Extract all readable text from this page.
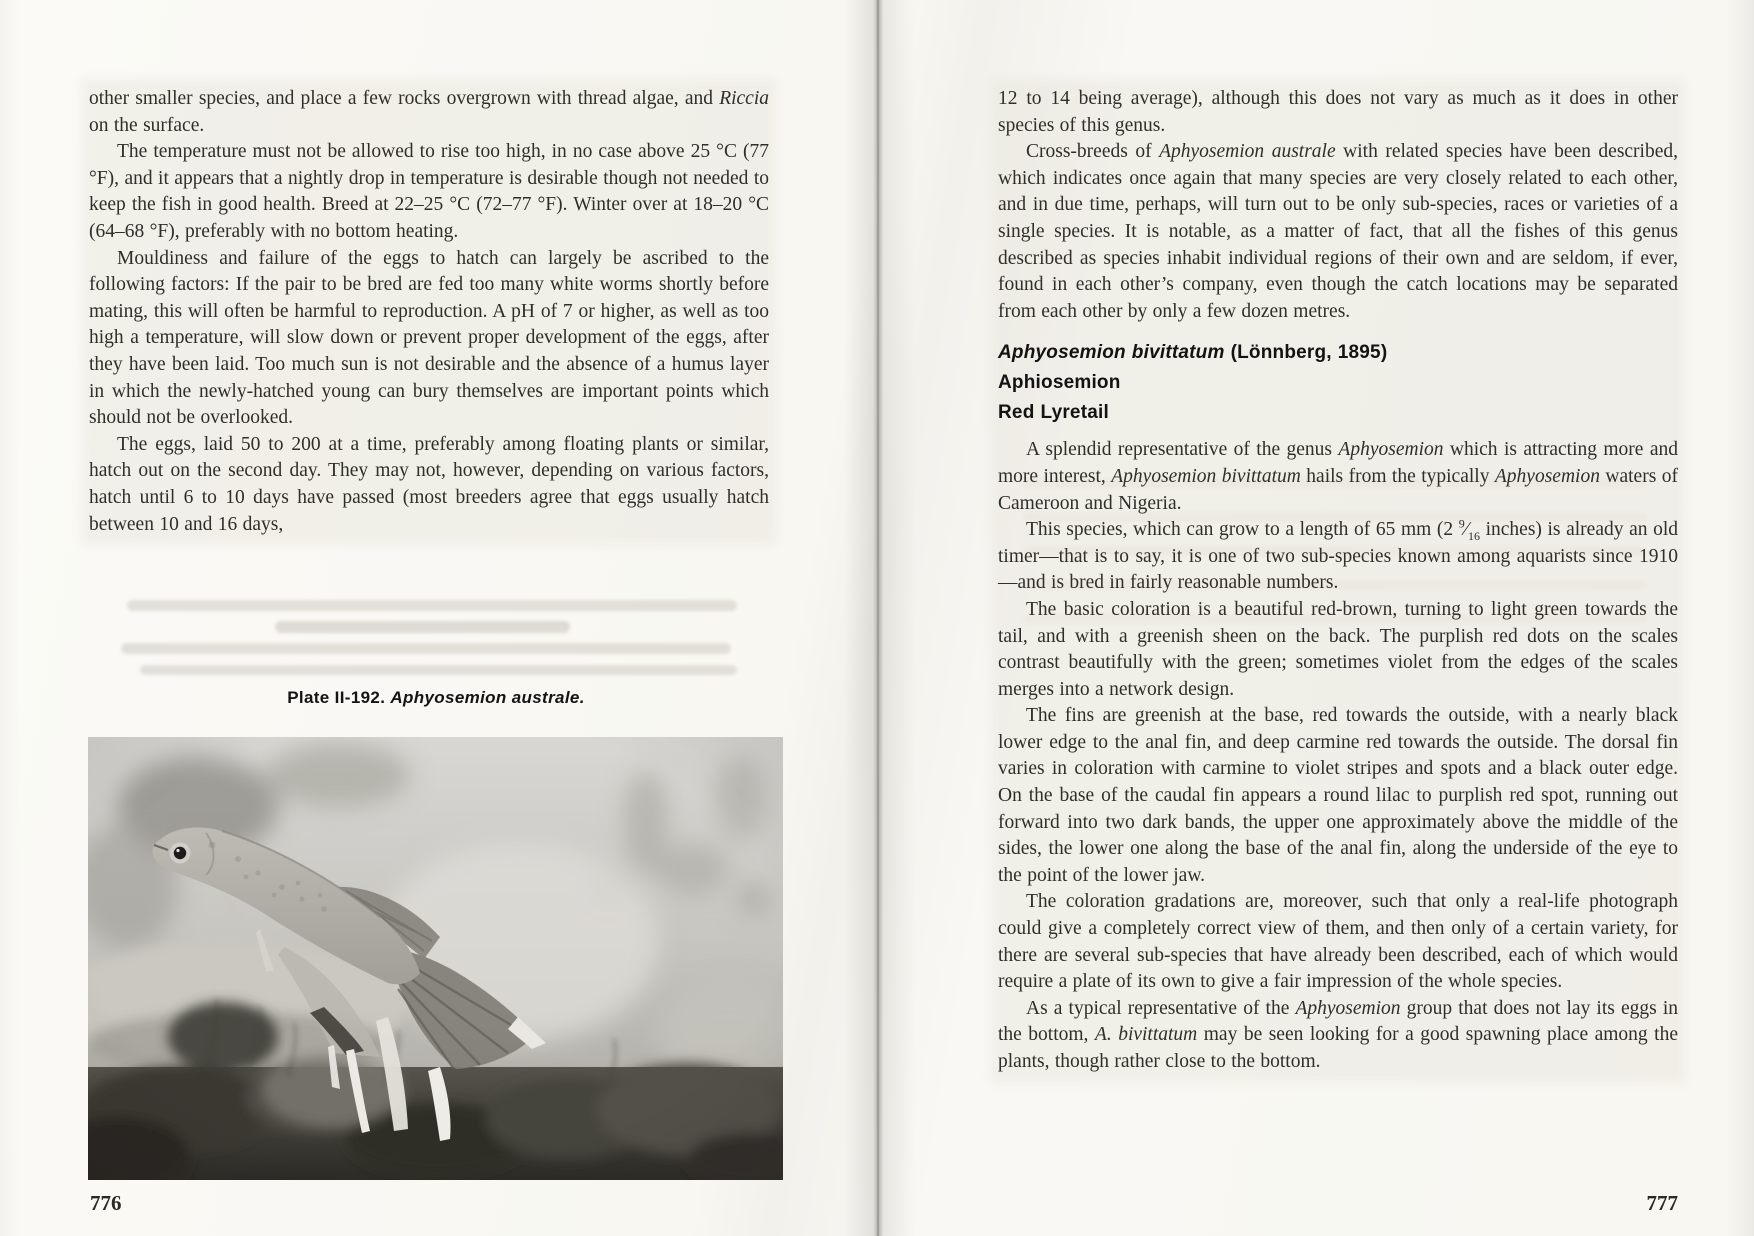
other smaller species, and place a few rocks overgrown with thread algae, and Riccia on the surface.

The temperature must not be allowed to rise too high, in no case above 25 °C (77 °F), and it appears that a nightly drop in temperature is desirable though not needed to keep the fish in good health. Breed at 22–25 °C (72–77 °F). Winter over at 18–20 °C (64–68 °F), preferably with no bottom heating.

Mouldiness and failure of the eggs to hatch can largely be ascribed to the following factors: If the pair to be bred are fed too many white worms shortly before mating, this will often be harmful to reproduction. A pH of 7 or higher, as well as too high a temperature, will slow down or prevent proper development of the eggs, after they have been laid. Too much sun is not desirable and the absence of a humus layer in which the newly-hatched young can bury themselves are important points which should not be overlooked.

The eggs, laid 50 to 200 at a time, preferably among floating plants or similar, hatch out on the second day. They may not, however, depending on various factors, hatch until 6 to 10 days have passed (most breeders agree that eggs usually hatch between 10 and 16 days,

Plate II-192. Aphyosemion australe.
776

12 to 14 being average), although this does not vary as much as it does in other species of this genus.

Cross-breeds of Aphyosemion australe with related species have been described, which indicates once again that many species are very closely related to each other, and in due time, perhaps, will turn out to be only sub-species, races or varieties of a single species. It is notable, as a matter of fact, that all the fishes of this genus described as species inhabit individual regions of their own and are seldom, if ever, found in each other’s company, even though the catch locations may be separated from each other by only a few dozen metres.

Aphyosemion bivittatum (Lönnberg, 1895)

Aphiosemion

Red Lyretail

A splendid representative of the genus Aphyosemion which is attracting more and more interest, Aphyosemion bivittatum hails from the typically Aphyosemion waters of Cameroon and Nigeria.

This species, which can grow to a length of 65 mm (2 $^9⁄_{16}$ inches) is already an old timer—that is to say, it is one of two sub-species known among aquarists since 1910—and is bred in fairly reasonable numbers.

The basic coloration is a beautiful red-brown, turning to light green towards the tail, and with a greenish sheen on the back. The purplish red dots on the scales contrast beautifully with the green; sometimes violet from the edges of the scales merges into a network design.

The fins are greenish at the base, red towards the outside, with a nearly black lower edge to the anal fin, and deep carmine red towards the outside. The dorsal fin varies in coloration with carmine to violet stripes and spots and a black outer edge. On the base of the caudal fin appears a round lilac to purplish red spot, running out forward into two dark bands, the upper one approximately above the middle of the sides, the lower one along the base of the anal fin, along the underside of the eye to the point of the lower jaw.

The coloration gradations are, moreover, such that only a real-life photograph could give a completely correct view of them, and then only of a certain variety, for there are several sub-species that have already been described, each of which would require a plate of its own to give a fair impression of the whole species.

As a typical representative of the Aphyosemion group that does not lay its eggs in the bottom, A. bivittatum may be seen looking for a good spawning place among the plants, though rather close to the bottom.

777
